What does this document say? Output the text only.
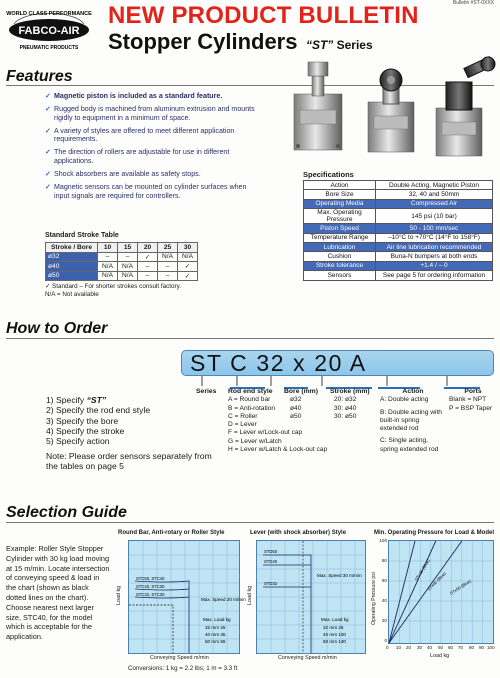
Bulletin #ST-0XXX
WORLD CLASS PERFORMANCE
FABCO-AIR
PNEUMATIC PRODUCTS
NEW PRODUCT BULLETIN
Stopper Cylinders “ST” Series
Features
✓ Magnetic piston is included as a standard feature.
✓ Rugged body is machined from aluminum extrusion and mounts rigidly to equipment in a minimum of space.
✓ A variety of styles are offered to meet different application requirements.
✓ The direction of rollers are adjustable for use in different applications.
✓ Shock absorbers are available as safety stops.
✓ Magnetic sensors can be mounted on cylinder surfaces when input signals are required for controllers.
Standard Stroke Table
Stroke / Bore	10	15	20	25	30
ø32	–	–	✓	N/A	N/A
ø40	N/A	N/A	–	–	✓
ø50	N/A	N/A	–	–	✓
✓ Standard – For shorter strokes consult factory.
N/A = Not available
Specifications
Action	Double Acting, Magnetic Piston
Bore Size	32, 40 and 50mm
Operating Media	Compressed Air
Max. Operating Pressure	145 psi (10 bar)
Piston Speed	50 - 100 mm/sec
Temperature Range	–10°C to +70°C (14°F to 158°F)
Lubrication	Air line lubrication recommended
Cushion	Buna-N bumpers at both ends
Stroke tolerance	+1.4 / – 0
Sensors	See page 5 for ordering information
How to Order
ST C 32 x 20 A
Series Rod end style
A = Round bar
B = Anti-rotation
C = Roller
D = Lever
F = Lever w/Lock-out cap
G = Lever w/Latch
H = Lever w/Latch & Lock-out cap
Bore (mm)
ø32
ø40
ø50
Stroke (mm)
20: ø32
30: ø40
30: ø50
Action
A: Double acting
B: Double acting with built-in spring extended rod
C: Single acting, spring extended rod
Ports
Blank = NPT
P = BSP Taper
1) Specify “ST”
2) Specify the rod end style
3) Specify the bore
4) Specify the stroke
5) Specify action
Note: Please order sensors separately from the tables on page 5
Selection Guide
Example: Roller Style Stopper Cylinder with 30 kg load moving at 15 m/min. Locate intersection of conveying speed & load in the chart (shown as black dotted lines on the chart). Choose nearest next larger size, STC40, for the model which is acceptable for the application.
Round Bar, Anti-rotary or Roller Style
STC50, STC40
STC40, STC30
STC32, STC30
Max. Speed 20 m/min
Max. Load kg
32 mm 25
40 mm 35
50 mm 55
Conveying Speed m/min
Load kg
Lever (with shock absorber) Style
STD50
STD40
STD32
Max. Speed 30 m/min
Max. Load kg
32 mm 25
40 mm 100
50 mm 130
Conveying Speed m/min
Load kg
Min. Operating Pressure for Load & Model
STx32 (Blue)
STx40 (Blue) STx50 (Blue)
0 10 20 30 40 50 60 70 80 90 100
0
20
40
60
80
100
Load kg
Operating Pressure psi
Conversions: 1 kg = 2.2 lbs; 1 m = 3.3 ft
